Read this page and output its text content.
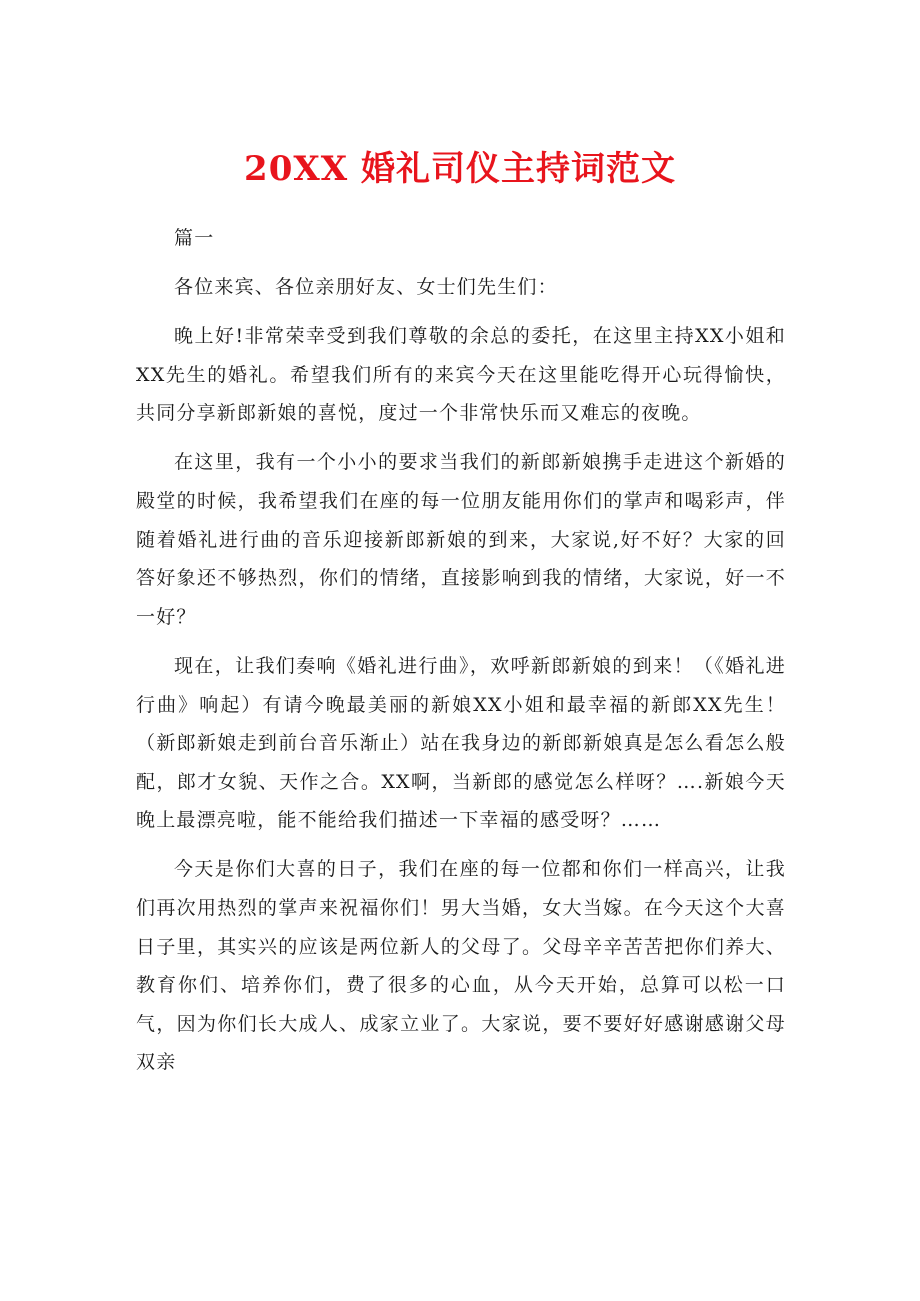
20XX 婚礼司仪主持词范文

篇一

各位来宾、各位亲朋好友、女士们先生们：

晚上好!非常荣幸受到我们尊敬的余总的委托，在这里主持XX小姐和XX先生的婚礼。希望我们所有的来宾今天在这里能吃得开心玩得愉快，共同分享新郎新娘的喜悦，度过一个非常快乐而又难忘的夜晚。

在这里，我有一个小小的要求当我们的新郎新娘携手走进这个新婚的殿堂的时候，我希望我们在座的每一位朋友能用你们的掌声和喝彩声，伴随着婚礼进行曲的音乐迎接新郎新娘的到来，大家说,好不好？大家的回答好象还不够热烈，你们的情绪，直接影响到我的情绪，大家说，好一不一好？

现在，让我们奏响《婚礼进行曲》，欢呼新郎新娘的到来！（《婚礼进行曲》响起）有请今晚最美丽的新娘XX小姐和最幸福的新郎XX先生！（新郎新娘走到前台音乐渐止）站在我身边的新郎新娘真是怎么看怎么般配，郎才女貌、天作之合。XX啊，当新郎的感觉怎么样呀？….新娘今天晚上最漂亮啦，能不能给我们描述一下幸福的感受呀？……

今天是你们大喜的日子，我们在座的每一位都和你们一样高兴，让我们再次用热烈的掌声来祝福你们！男大当婚，女大当嫁。在今天这个大喜日子里，其实兴的应该是两位新人的父母了。父母辛辛苦苦把你们养大、教育你们、培养你们，费了很多的心血，从今天开始，总算可以松一口气，因为你们长大成人、成家立业了。大家说，要不要好好感谢感谢父母双亲
